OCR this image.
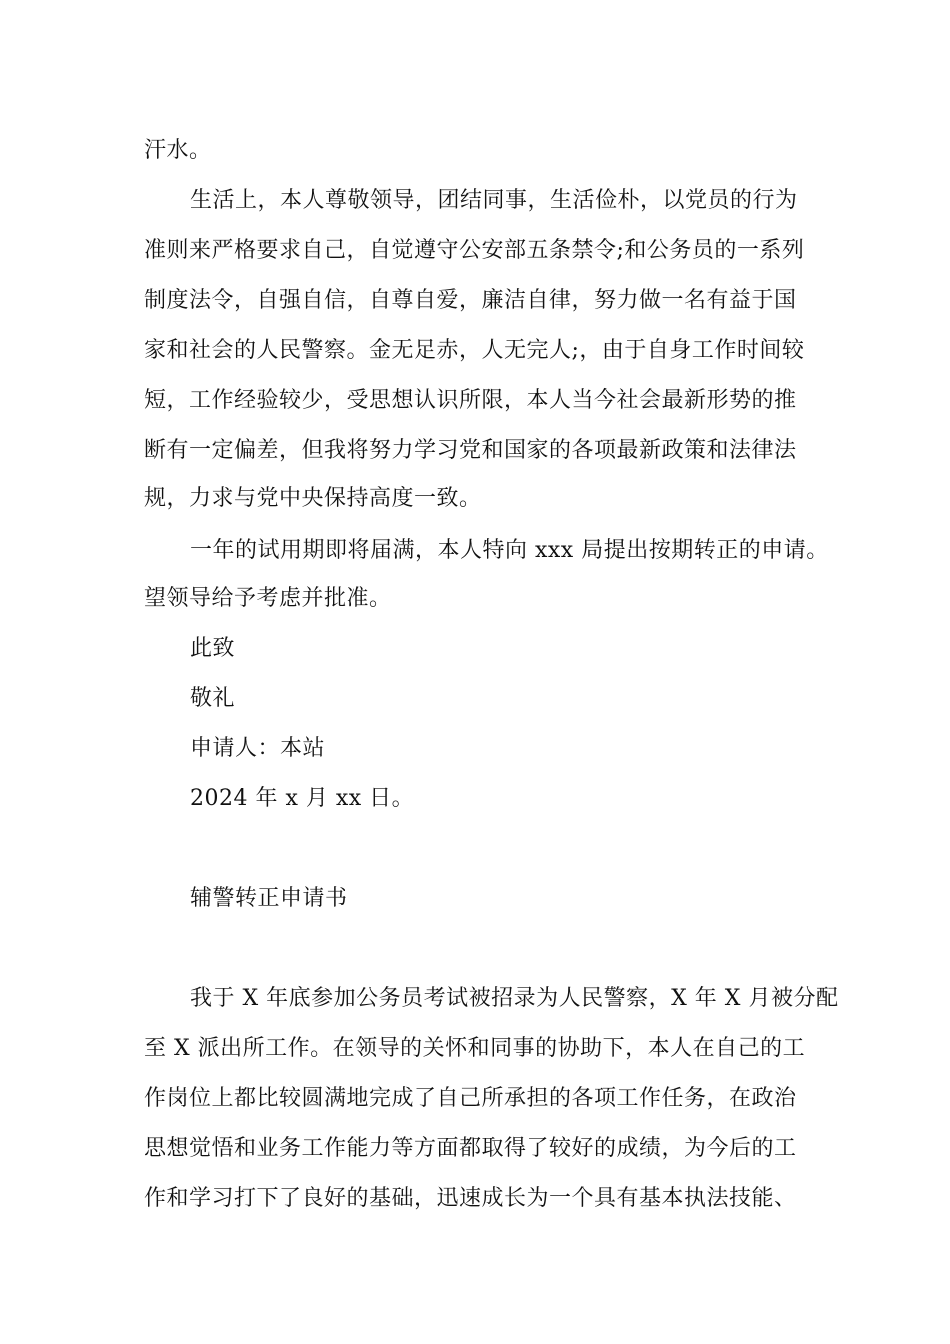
汗水。
生活上，本人尊敬领导，团结同事，生活俭朴，以党员的行为
准则来严格要求自己，自觉遵守公安部五条禁令;和公务员的一系列
制度法令，自强自信，自尊自爱，廉洁自律，努力做一名有益于国
家和社会的人民警察。金无足赤，人无完人;，由于自身工作时间较
短，工作经验较少，受思想认识所限，本人当今社会最新形势的推
断有一定偏差，但我将努力学习党和国家的各项最新政策和法律法
规，力求与党中央保持高度一致。
一年的试用期即将届满，本人特向 xxx 局提出按期转正的申请。
望领导给予考虑并批准。
此致
敬礼
申请人：本站
2024 年 x 月 xx 日。
辅警转正申请书
我于 X 年底参加公务员考试被招录为人民警察，X 年 X 月被分配
至 X 派出所工作。在领导的关怀和同事的协助下，本人在自己的工
作岗位上都比较圆满地完成了自己所承担的各项工作任务，在政治
思想觉悟和业务工作能力等方面都取得了较好的成绩，为今后的工
作和学习打下了良好的基础，迅速成长为一个具有基本执法技能、
